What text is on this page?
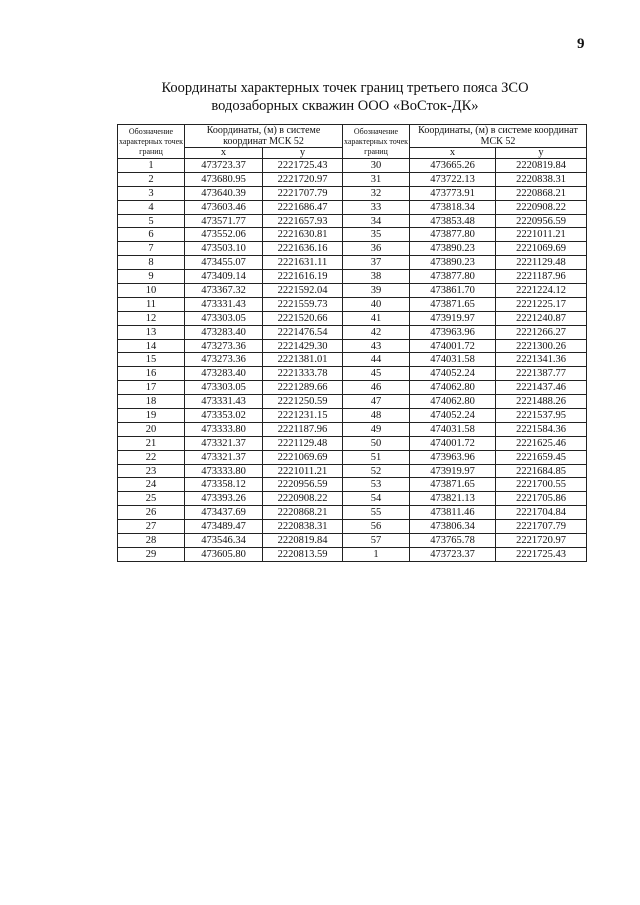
9
Координаты характерных точек границ третьего пояса ЗСО
водозаборных скважин ООО «ВоСток-ДК»
Обозначение характерных точек границ	Координаты, (м) в системе координат МСК 52		Обозначение характерных точек границ	Координаты, (м) в системе координат МСК 52	
	x	y		x	y
1	473723.37	2221725.43	30	473665.26	2220819.84
2	473680.95	2221720.97	31	473722.13	2220838.31
3	473640.39	2221707.79	32	473773.91	2220868.21
4	473603.46	2221686.47	33	473818.34	2220908.22
5	473571.77	2221657.93	34	473853.48	2220956.59
6	473552.06	2221630.81	35	473877.80	2221011.21
7	473503.10	2221636.16	36	473890.23	2221069.69
8	473455.07	2221631.11	37	473890.23	2221129.48
9	473409.14	2221616.19	38	473877.80	2221187.96
10	473367.32	2221592.04	39	473861.70	2221224.12
11	473331.43	2221559.73	40	473871.65	2221225.17
12	473303.05	2221520.66	41	473919.97	2221240.87
13	473283.40	2221476.54	42	473963.96	2221266.27
14	473273.36	2221429.30	43	474001.72	2221300.26
15	473273.36	2221381.01	44	474031.58	2221341.36
16	473283.40	2221333.78	45	474052.24	2221387.77
17	473303.05	2221289.66	46	474062.80	2221437.46
18	473331.43	2221250.59	47	474062.80	2221488.26
19	473353.02	2221231.15	48	474052.24	2221537.95
20	473333.80	2221187.96	49	474031.58	2221584.36
21	473321.37	2221129.48	50	474001.72	2221625.46
22	473321.37	2221069.69	51	473963.96	2221659.45
23	473333.80	2221011.21	52	473919.97	2221684.85
24	473358.12	2220956.59	53	473871.65	2221700.55
25	473393.26	2220908.22	54	473821.13	2221705.86
26	473437.69	2220868.21	55	473811.46	2221704.84
27	473489.47	2220838.31	56	473806.34	2221707.79
28	473546.34	2220819.84	57	473765.78	2221720.97
29	473605.80	2220813.59	1	473723.37	2221725.43
